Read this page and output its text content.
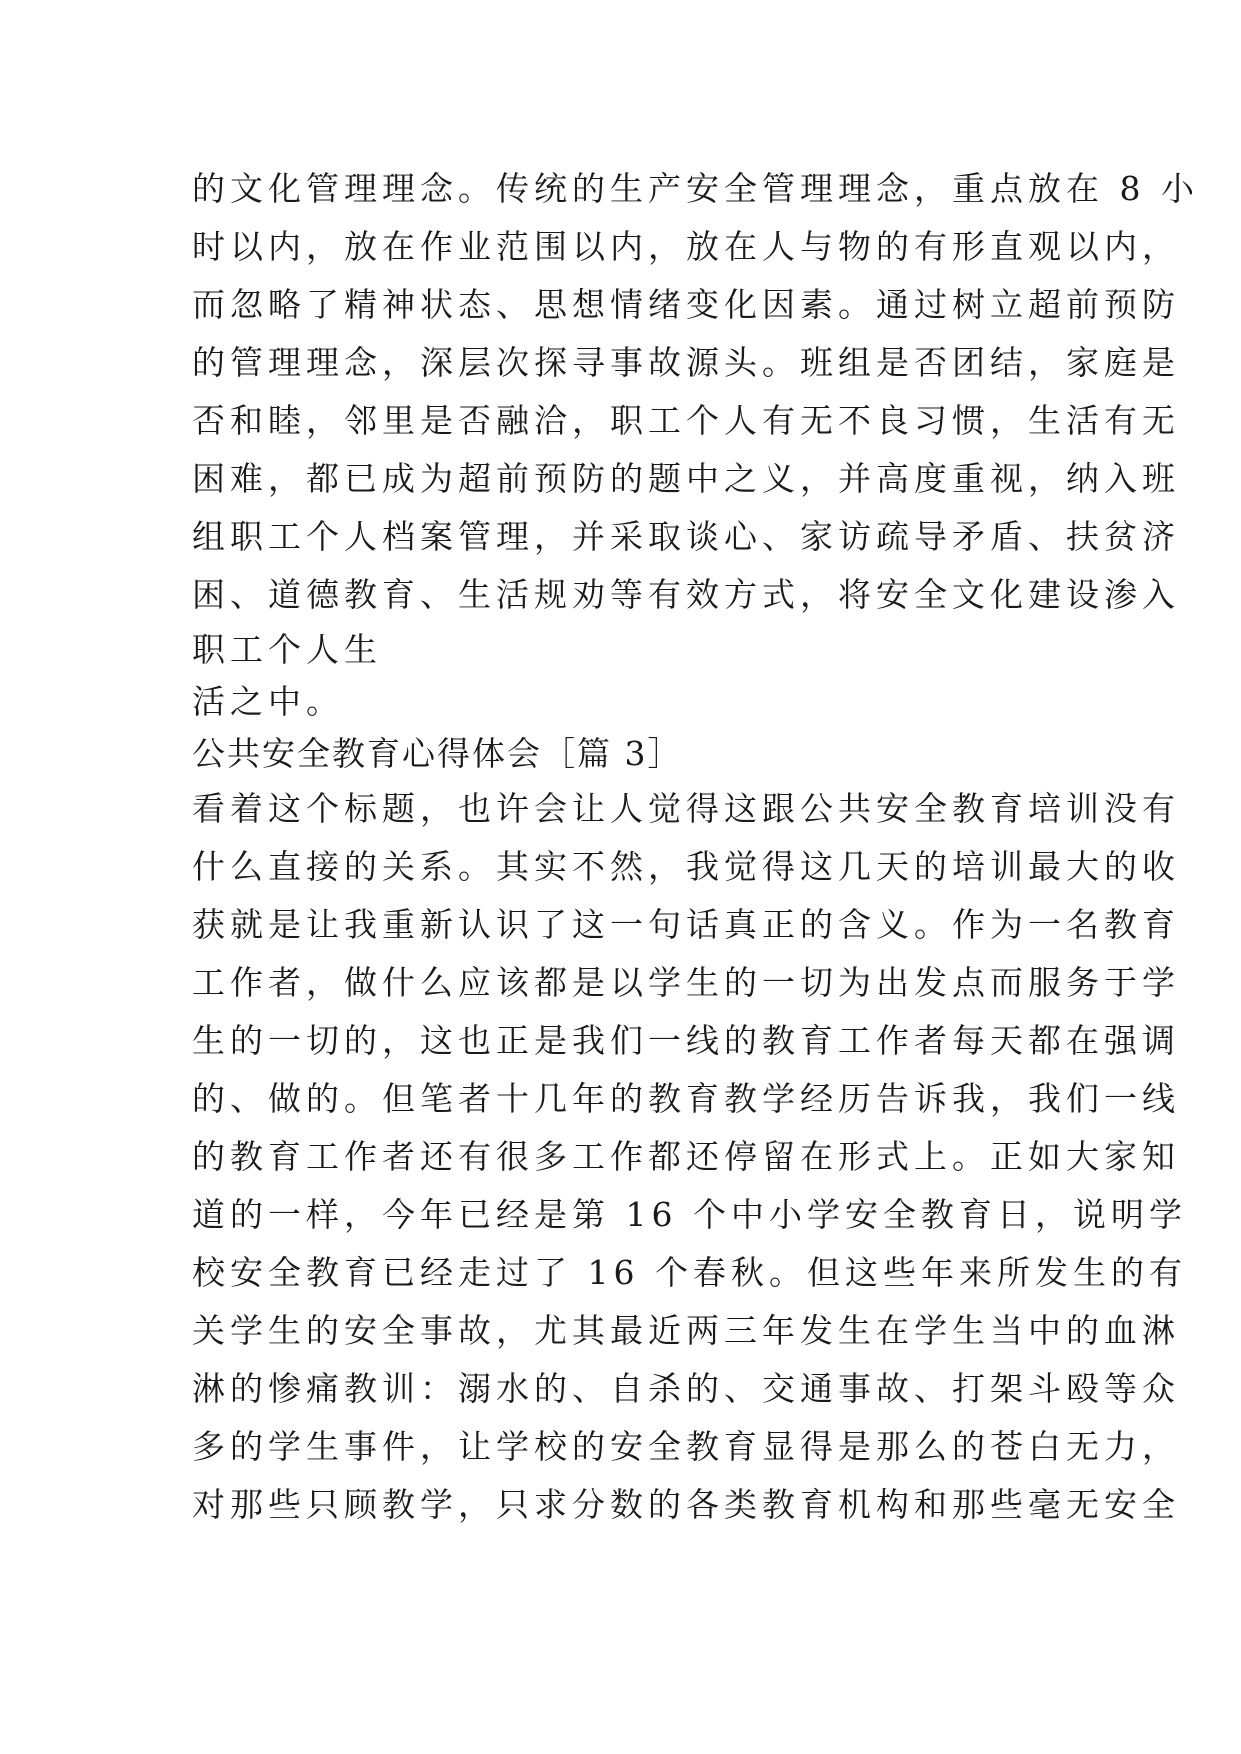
的文化管理理念。传统的生产安全管理理念，重点放在 8 小
时以内，放在作业范围以内，放在人与物的有形直观以内，
而忽略了精神状态、思想情绪变化因素。通过树立超前预防
的管理理念，深层次探寻事故源头。班组是否团结，家庭是
否和睦，邻里是否融洽，职工个人有无不良习惯，生活有无
困难，都已成为超前预防的题中之义，并高度重视，纳入班
组职工个人档案管理，并采取谈心、家访疏导矛盾、扶贫济
困、道德教育、生活规劝等有效方式，将安全文化建设渗入
职工个人生
活之中。
公共安全教育心得体会［篇 3］
看着这个标题，也许会让人觉得这跟公共安全教育培训没有
什么直接的关系。其实不然，我觉得这几天的培训最大的收
获就是让我重新认识了这一句话真正的含义。作为一名教育
工作者，做什么应该都是以学生的一切为出发点而服务于学
生的一切的，这也正是我们一线的教育工作者每天都在强调
的、做的。但笔者十几年的教育教学经历告诉我，我们一线
的教育工作者还有很多工作都还停留在形式上。正如大家知
道的一样，今年已经是第 16 个中小学安全教育日，说明学
校安全教育已经走过了 16 个春秋。但这些年来所发生的有
关学生的安全事故，尤其最近两三年发生在学生当中的血淋
淋的惨痛教训：溺水的、自杀的、交通事故、打架斗殴等众
多的学生事件，让学校的安全教育显得是那么的苍白无力，
对那些只顾教学，只求分数的各类教育机构和那些毫无安全
